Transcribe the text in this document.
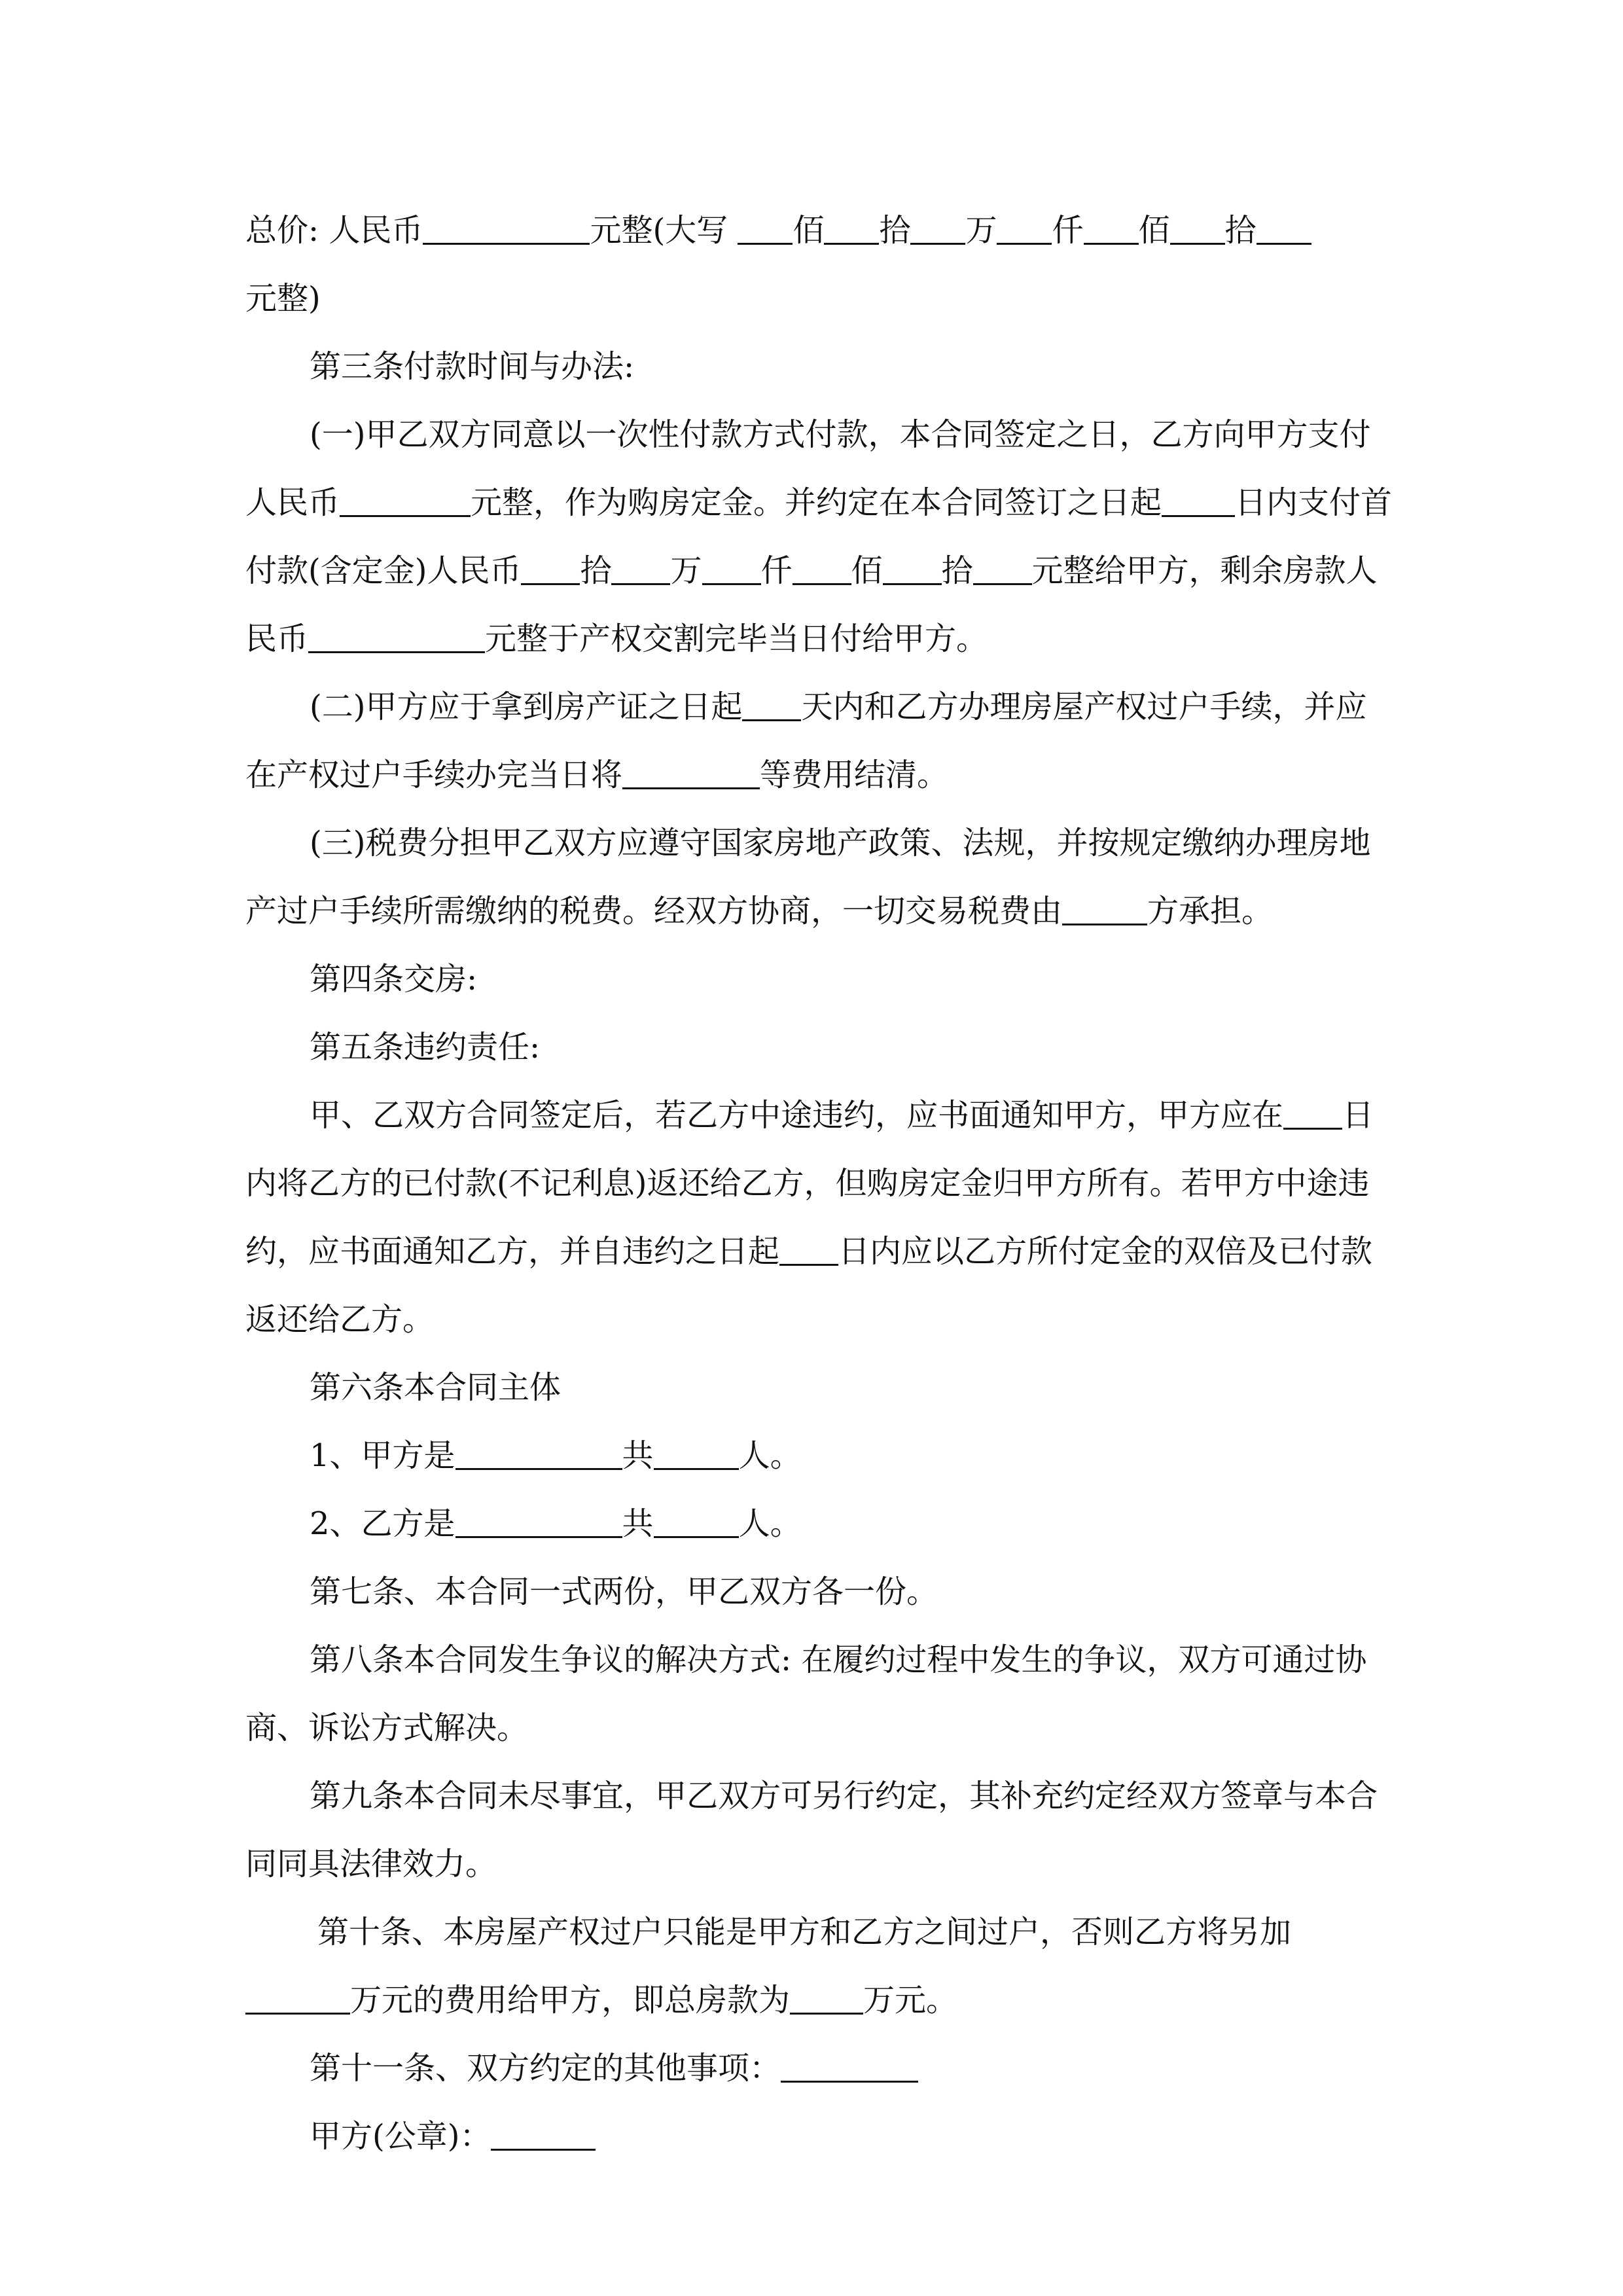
总价: 人民币	元整(大写 佰 拾 万 仟 佰 拾

元整)

第三条付款时间与办法:

(一)甲乙双方同意以一次性付款方式付款，本合同签定之日，乙方向甲方支付人民币	元整，作为购房定金。并约定在本合同签订之日起 日内支付首付款(含定金)人民币 拾 万 仟 佰 拾 元整给甲方，剩余房款人民币	元整于产权交割完毕当日付给甲方。

(二)甲方应于拿到房产证之日起 天内和乙方办理房屋产权过户手续，并应在产权过户手续办完当日将	等费用结清。

(三)税费分担甲乙双方应遵守国家房地产政策、法规，并按规定缴纳办理房地产过户手续所需缴纳的税费。经双方协商，一切交易税费由	方承担。

第四条交房:

第五条违约责任:

甲、乙双方合同签定后，若乙方中途违约，应书面通知甲方，甲方应在 日内将乙方的已付款(不记利息)返还给乙方，但购房定金归甲方所有。若甲方中途违约，应书面通知乙方，并自违约之日起 日内应以乙方所付定金的双倍及已付款返还给乙方。

第六条本合同主体

1、甲方是	共	人。

2、乙方是	共	人。

第七条、本合同一式两份，甲乙双方各一份。

第八条本合同发生争议的解决方式: 在履约过程中发生的争议，双方可通过协商、诉讼方式解决。

第九条本合同未尽事宜，甲乙双方可另行约定，其补充约定经双方签章与本合同同具法律效力。

第十条、本房屋产权过户只能是甲方和乙方之间过户，否则乙方将另加万元的费用给甲方，即总房款为 万元。

第十一条、双方约定的其他事项：

甲方(公章)：
